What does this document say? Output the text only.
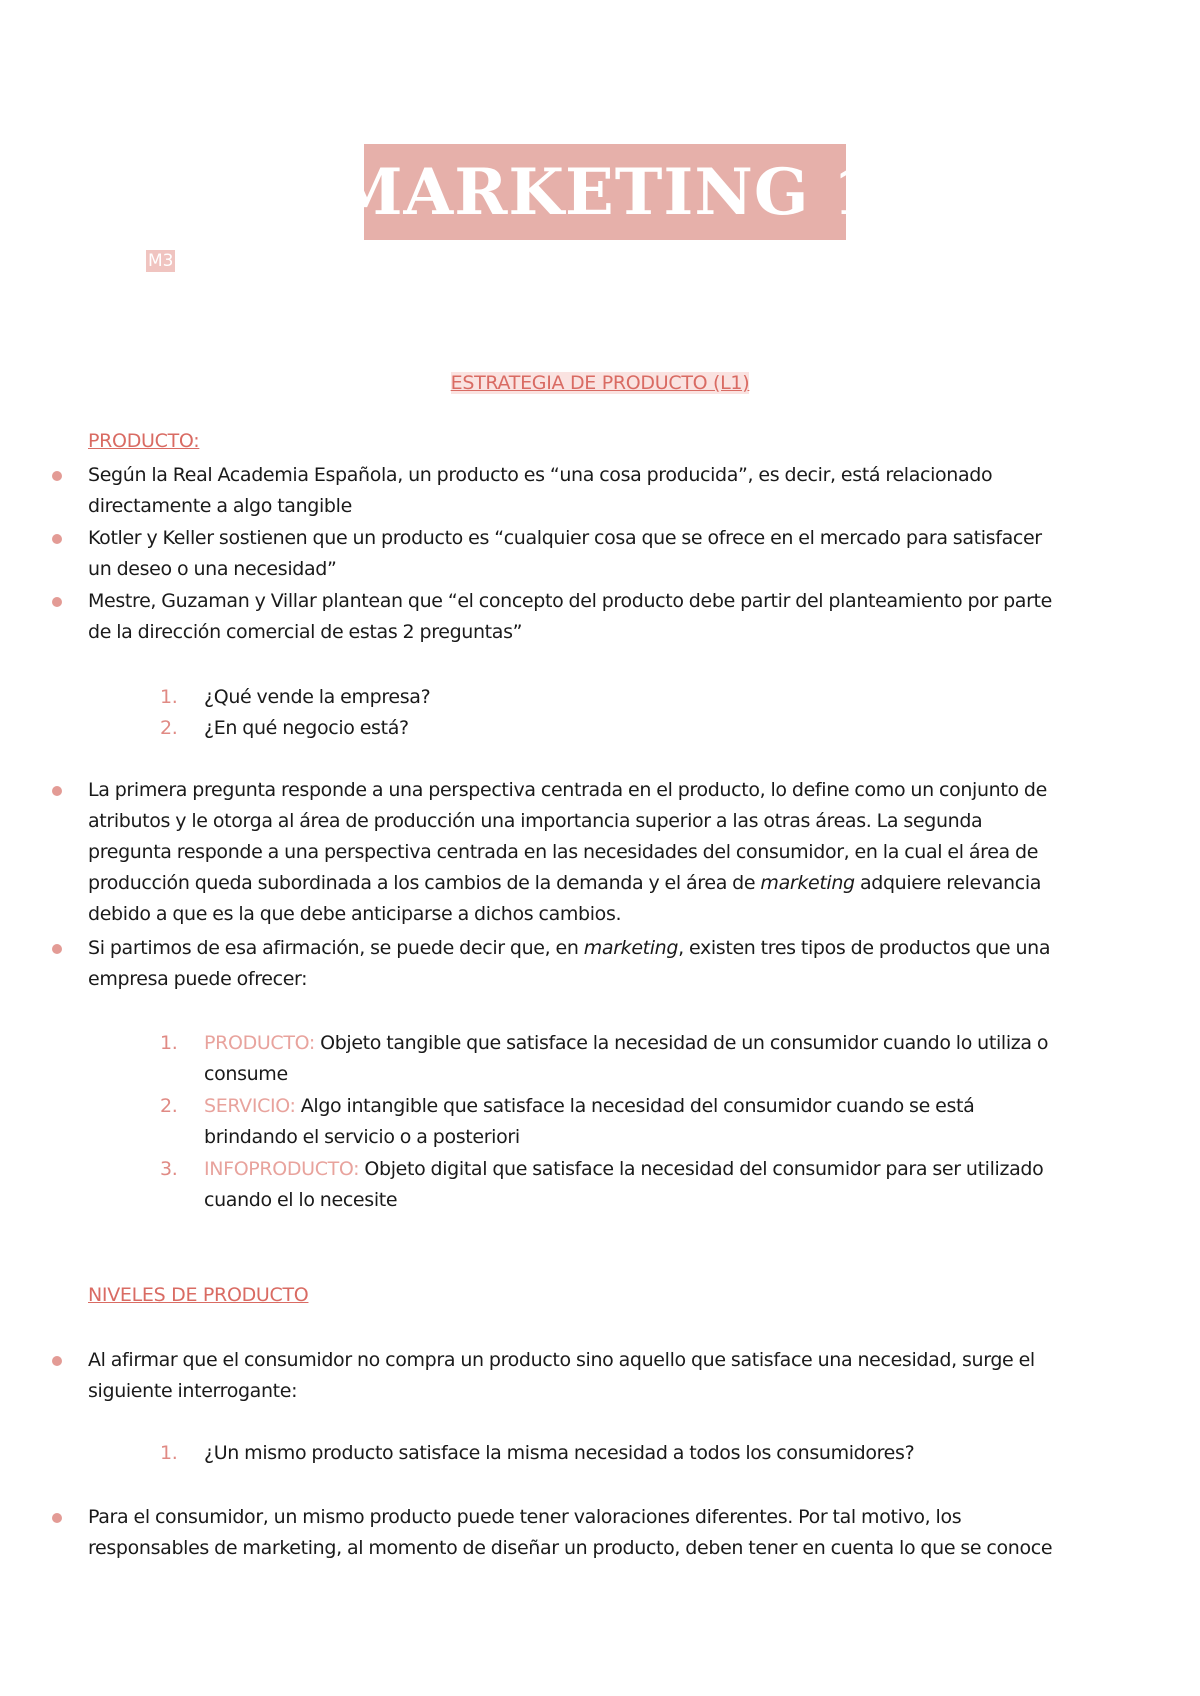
MARKETING 1
M3
ESTRATEGIA DE PRODUCTO (L1)
PRODUCTO:
Según la Real Academia Española, un producto es “una cosa producida”, es decir, está relacionado directamente a algo tangible
Kotler y Keller sostienen que un producto es “cualquier cosa que se ofrece en el mercado para satisfacer un deseo o una necesidad”
Mestre, Guzaman y Villar plantean que “el concepto del producto debe partir del planteamiento por parte de la dirección comercial de estas 2 preguntas”
1. ¿Qué vende la empresa?
2. ¿En qué negocio está?
La primera pregunta responde a una perspectiva centrada en el producto, lo define como un conjunto de atributos y le otorga al área de producción una importancia superior a las otras áreas. La segunda pregunta responde a una perspectiva centrada en las necesidades del consumidor, en la cual el área de producción queda subordinada a los cambios de la demanda y el área de marketing adquiere relevancia debido a que es la que debe anticiparse a dichos cambios.
Si partimos de esa afirmación, se puede decir que, en marketing, existen tres tipos de productos que una empresa puede ofrecer:
1. PRODUCTO: Objeto tangible que satisface la necesidad de un consumidor cuando lo utiliza o consume
2. SERVICIO: Algo intangible que satisface la necesidad del consumidor cuando se está brindando el servicio o a posteriori
3. INFOPRODUCTO: Objeto digital que satisface la necesidad del consumidor para ser utilizado cuando el lo necesite
NIVELES DE PRODUCTO
Al afirmar que el consumidor no compra un producto sino aquello que satisface una necesidad, surge el siguiente interrogante:
1. ¿Un mismo producto satisface la misma necesidad a todos los consumidores?
Para el consumidor, un mismo producto puede tener valoraciones diferentes. Por tal motivo, los responsables de marketing, al momento de diseñar un producto, deben tener en cuenta lo que se conoce
